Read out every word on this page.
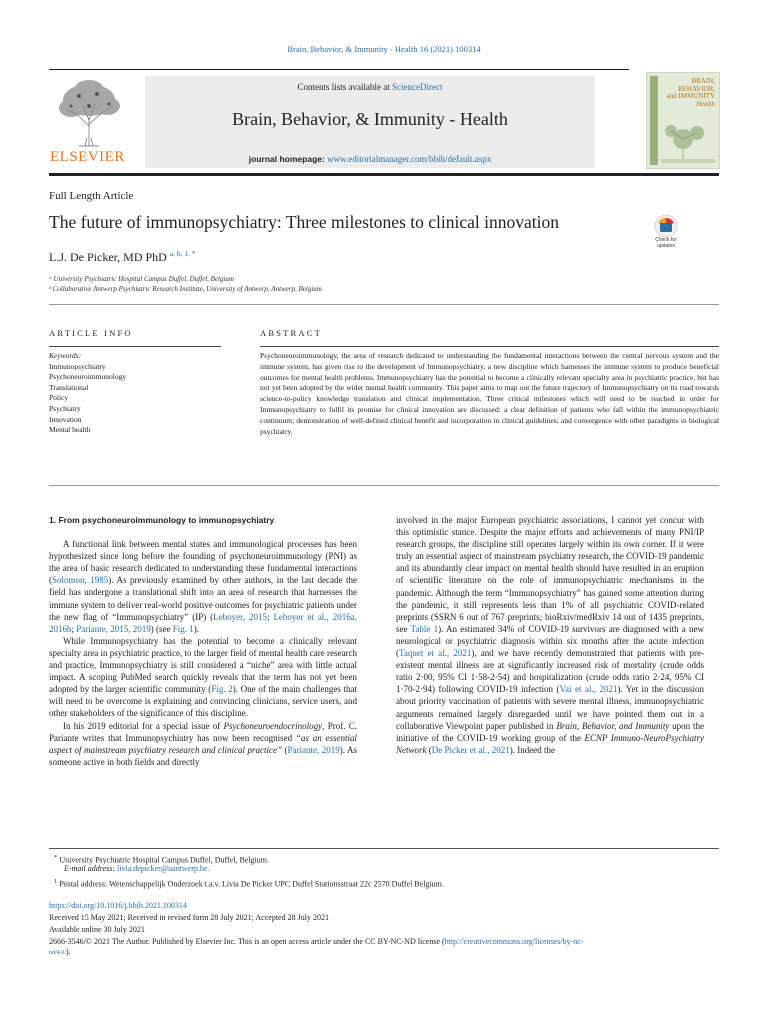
Brain, Behavior, & Immunity - Health 16 (2021) 100314
ELSEVIER
Contents lists available at ScienceDirect
Brain, Behavior, & Immunity - Health
journal homepage: www.editorialmanager.com/bbih/default.aspx
BRAIN,
BEHAVIOR,
and IMMUNITY
Health
Full Length Article
The future of immunopsychiatry: Three milestones to clinical innovation
Check for
updates
L.J. De Picker, MD PhD $^{a, b, 1, *}$
ᵃ University Psychiatric Hospital Campus Duffel, Duffel, Belgium
ᵇ Collaborative Antwerp Psychiatric Research Institute, University of Antwerp, Antwerp, Belgium
ARTICLE INFO	ABSTRACT
Keywords:
Immunopsychiatry
Psychoneuroimmunology
Translational
Policy
Psychiatry
Innovation
Mental health
Psychoneuroimmunology, the area of research dedicated to understanding the fundamental interactions between the central nervous system and the immune system, has given rise to the development of Immunopsychiatry, a new discipline which harnesses the immune system to produce beneficial outcomes for mental health problems. Immunopsychiatry has the potential to become a clinically relevant specialty area in psychiatric practice, but has not yet been adopted by the wider mental health community. This paper aims to map out the future trajectory of Immunopsychiatry on its road towards science-to-policy knowledge translation and clinical implementation. Three critical milestones which will need to be reached in order for Immunopsychiatry to fulfil its promise for clinical innovation are discussed: a clear definition of patients who fall within the immunopsychiatric continuum; demonstration of well-defined clinical benefit and incorporation in clinical guidelines; and convergence with other paradigms in biological psychiatry.

1. From psychoneuroimmunology to immunopsychiatry

A functional link between mental states and immunological processes has been hypothesized since long before the founding of psychoneuroimmunology (PNI) as the area of basic research dedicated to understanding these fundamental interactions (Solomon, 1985). As previously examined by other authors, in the last decade the field has undergone a translational shift into an area of research that harnesses the immune system to deliver real-world positive outcomes for psychiatric patients under the new flag of “Immunopsychiatry” (IP) (Leboyer, 2015; Leboyer et al., 2016a, 2016b; Pariante, 2015, 2019) (see Fig. 1).

While Immunopsychiatry has the potential to become a clinically relevant specialty area in psychiatric practice, to the larger field of mental health care research and practice, Immunopsychiatry is still considered a “niche” area with little actual impact. A scoping PubMed search quickly reveals that the term has not yet been adopted by the larger scientific community (Fig. 2). One of the main challenges that will need to be overcome is explaining and convincing clinicians, service users, and other stakeholders of the significance of this discipline.

In his 2019 editorial for a special issue of Psychoneuroendocrinology, Prof. C. Pariante writes that Immunopsychiatry has now been recognised “as an essential aspect of mainstream psychiatry research and clinical practice” (Pariante, 2019). As someone active in both fields and directly

involved in the major European psychiatric associations, I cannot yet concur with this optimistic stance. Despite the major efforts and achievements of many PNI/IP research groups, the discipline still operates largely within its own corner. If it were truly an essential aspect of mainstream psychiatry research, the COVID-19 pandemic and its abundantly clear impact on mental health should have resulted in an eruption of scientific literature on the role of immunopsychiatric mechanisms in the pandemic. Although the term “Immunopsychiatry” has gained some attention during the pandemic, it still represents less than 1% of all psychiatric COVID-related preprints (SSRN 6 out of 767 preprints; bioRxiv/medRxiv 14 out of 1435 preprints, see Table 1). An estimated 34% of COVID-19 survivors are diagnosed with a new neurological or psychiatric diagnosis within six months after the acute infection (Taquet et al., 2021), and we have recently demonstrated that patients with pre-existent mental illness are at significantly increased risk of mortality (crude odds ratio 2·00, 95% CI 1·58-2·54) and hospitalization (crude odds ratio 2·24, 95% CI 1·70-2·94) following COVID-19 infection (Vai et al., 2021). Yet in the discussion about priority vaccination of patients with severe mental illness, immunopsychiatric arguments remained largely disregarded until we have pointed them out in a collaborative Viewpoint paper published in Brain, Behavior, and Immunity upon the initiative of the COVID-19 working group of the ECNP Immuno-NeuroPsychiatry Network (De Picker et al., 2021). Indeed the

* University Psychiatric Hospital Campus Duffel, Duffel, Belgium.
E-mail address: livia.depicker@uantwerp.be.
$^1$ Postal address: Wetenschappelijk Onderzoek t.a.v. Livia De Picker UPC Duffel Stationsstraat 22c 2570 Duffel Belgium.
https://doi.org/10.1016/j.bbih.2021.100314
Received 15 May 2021; Received in revised form 28 July 2021; Accepted 28 July 2021
Available online 30 July 2021
2666-3546/© 2021 The Author. Published by Elsevier Inc. This is an open access article under the CC BY-NC-ND license (http://creativecommons.org/licenses/by-nc-
nd/4.0/).
